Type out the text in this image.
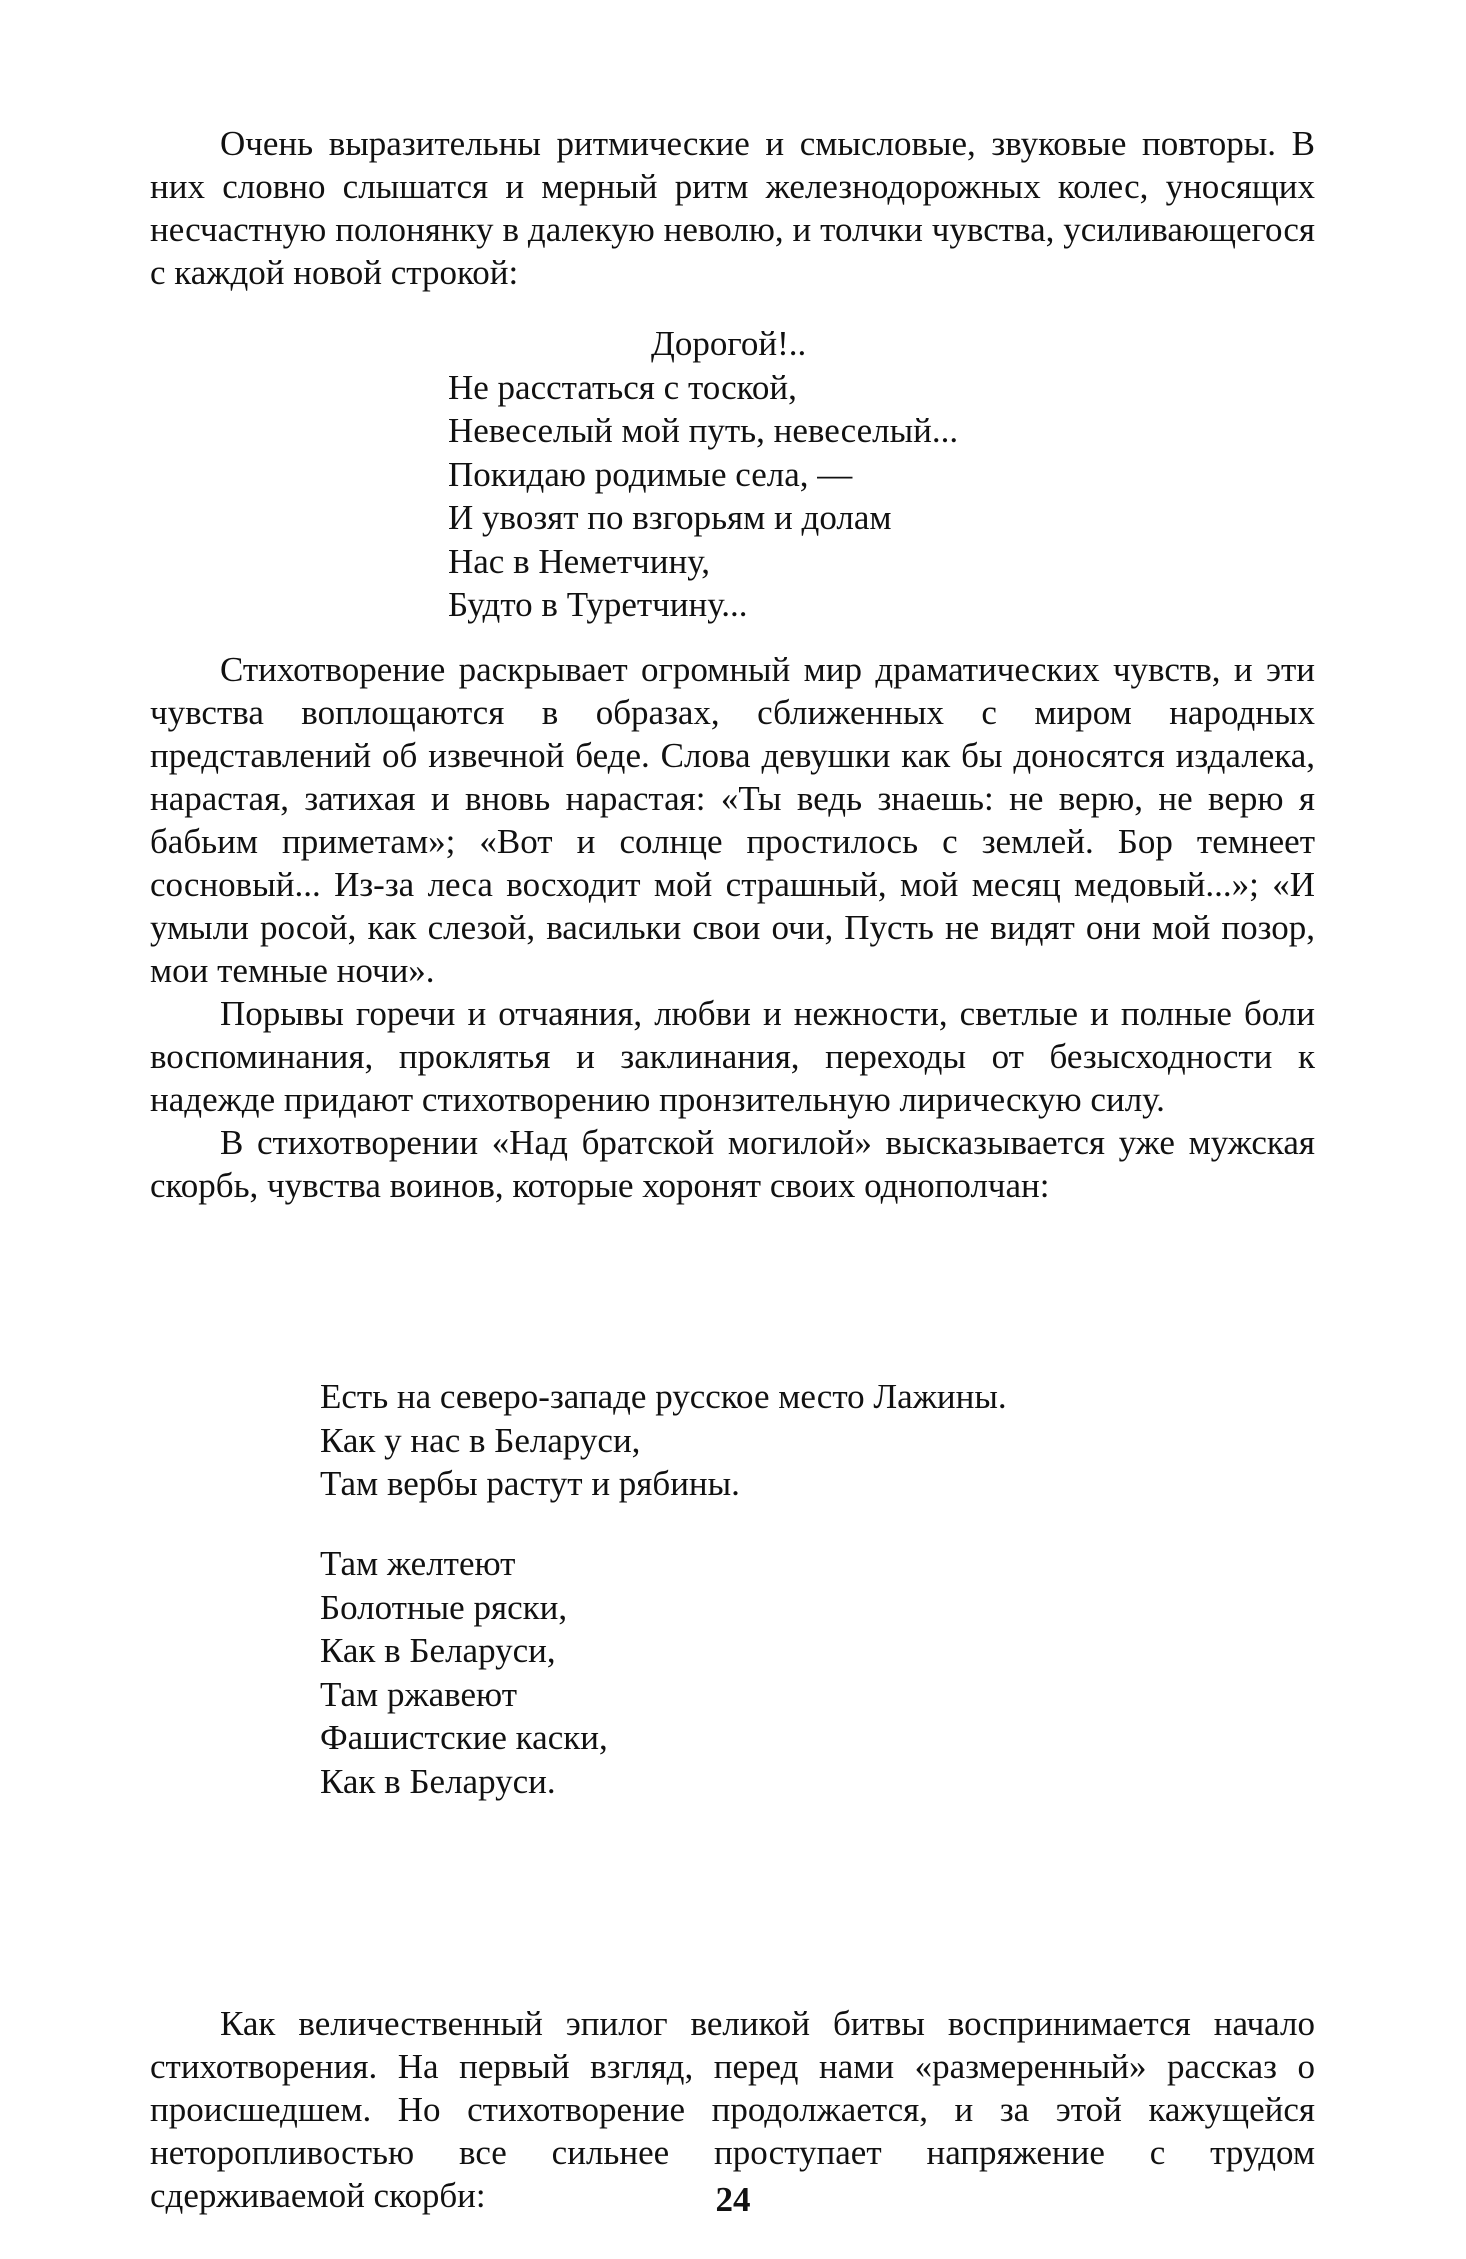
Очень выразительны ритмические и смысловые, звуковые повторы. В них словно слышатся и мерный ритм железнодорожных колес, уносящих несчастную полонянку в далекую неволю, и толчки чувства, усиливающегося с каждой новой строкой:

Дорогой!..
Не расстаться с тоской,
Невеселый мой путь, невеселый...
Покидаю родимые села, —
И увозят по взгорьям и долам
Нас в Неметчину,
Будто в Туретчину...

Стихотворение раскрывает огромный мир драматических чувств, и эти чувства воплощаются в образах, сближенных с миром народных представлений об извечной беде. Слова девушки как бы доносятся издалека, нарастая, затихая и вновь нарастая: «Ты ведь знаешь: не верю, не верю я бабьим приметам»; «Вот и солнце простилось с землей. Бор темнеет сосновый... Из-за леса восходит мой страшный, мой месяц медовый...»; «И умыли росой, как слезой, васильки свои очи, Пусть не видят они мой позор, мои темные ночи».

Порывы горечи и отчаяния, любви и нежности, светлые и полные боли воспоминания, проклятья и заклинания, переходы от безысходности к надежде придают стихотворению пронзительную лирическую силу.

В стихотворении «Над братской могилой» высказывается уже мужская скорбь, чувства воинов, которые хоронят своих однополчан:

Есть на северо-западе русское место Лажины.
Как у нас в Беларуси,
Там вербы растут и рябины.
Там желтеют
Болотные ряски,
Как в Беларуси,
Там ржавеют
Фашистские каски,
Как в Беларуси.

Как величественный эпилог великой битвы воспринимается начало стихотворения. На первый взгляд, перед нами «размеренный» рассказ о происшедшем. Но стихотворение продолжается, и за этой кажущейся неторопливостью все сильнее проступает напряжение с трудом сдерживаемой скорби:	24
